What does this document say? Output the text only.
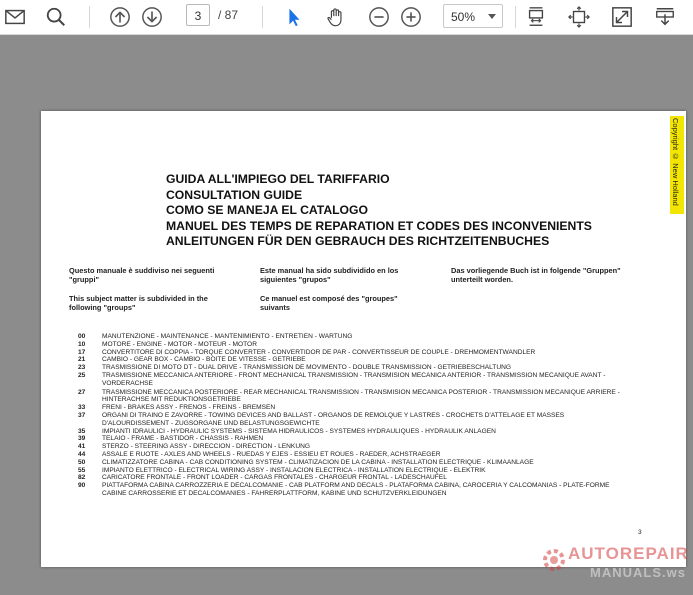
3	/ 87	50%
Copyright © New Holland
GUIDA ALL'IMPIEGO DEL TARIFFARIO
CONSULTATION GUIDE
COMO SE MANEJA EL CATALOGO
MANUEL DES TEMPS DE REPARATION ET CODES DES INCONVENIENTS
ANLEITUNGEN FÜR DEN GEBRAUCH DES RICHTZEITENBUCHES
Questo manuale è suddiviso nei seguenti "gruppi"
This subject matter is subdivided in the following "groups"
Este manual ha sido subdividido en los siguientes "grupos"
Ce manuel est composé des "groupes" suivants
Das vorliegende Buch ist in folgende "Gruppen" unterteilt worden.
00	MANUTENZIONE - MAINTENANCE - MANTENIMIENTO - ENTRETIEN - WARTUNG
10	MOTORE - ENGINE - MOTOR - MOTEUR - MOTOR
17	CONVERTITORE DI COPPIA - TORQUE CONVERTER - CONVERTIDOR DE PAR - CONVERTISSEUR DE COUPLE - DREHMOMENTWANDLER
21	CAMBIO - GEAR BOX - CAMBIO - BOITE DE VITESSE - GETRIEBE
23	TRASMISSIONE DI MOTO DT - DUAL DRIVE - TRANSMISSION DE MOVIMENTO - DOUBLE TRANSMISSION - GETRIEBESCHALTUNG
25	TRASMISSIONE MECCANICA ANTERIORE - FRONT MECHANICAL TRANSMISSION - TRANSMISION MECANICA ANTERIOR - TRANSMISSION MECANIQUE AVANT - VORDERACHSE
27	TRASMISSIONE MECCANICA POSTERIORE - REAR MECHANICAL TRANSMISSION - TRANSMISION MECANICA POSTERIOR - TRANSMISSION MECANIQUE ARRIERE - HINTERACHSE MIT REDUKTIONSGETRIEBE
33	FRENI - BRAKES ASSY - FRENOS - FREINS - BREMSEN
37	ORGANI DI TRAINO E ZAVORRE - TOWING DEVICES AND BALLAST - ORGANOS DE REMOLQUE Y LASTRES - CROCHETS D'ATTELAGE ET MASSES D'ALOURDISSEMENT - ZUGSORGANE UND BELASTUNGSGEWICHTE
35	IMPIANTI IDRAULICI - HYDRAULIC SYSTEMS - SISTEMA HIDRAULICOS - SYSTEMES HYDRAULIQUES - HYDRAULIK ANLAGEN
39	TELAIO - FRAME - BASTIDOR - CHASSIS - RAHMEN
41	STERZO - STEERING ASSY - DIRECCION - DIRECTION - LENKUNG
44	ASSALE E RUOTE - AXLES AND WHEELS - RUEDAS Y EJES - ESSIEU ET ROUES - RAEDER, ACHSTRAEGER
50	CLIMATIZZATORE CABINA - CAB CONDITIONING SYSTEM - CLIMATIZACION DE LA CABINA - INSTALLATION ELECTRIQUE - KLIMAANLAGE
55	IMPIANTO ELETTRICO - ELECTRICAL WIRING ASSY - INSTALACION ELECTRICA - INSTALLATION ELECTRIQUE - ELEKTRIK
82	CARICATORE FRONTALE - FRONT LOADER - CARGAS FRONTALES - CHARGEUR FRONTAL - LADESCHAUFEL
90	PIATTAFORMA CABINA CARROZZERIA E DECALCOMANIE - CAB PLATFORM AND DECALS - PLATAFORMA CABINA, CAROCERIA Y CALCOMANIAS - PLATE-FORME CABINE CARROSSERIE ET DECALCOMANIES - FAHRERPLATTFORM, KABINE UND SCHUTZVERKLEIDUNGEN
3
AUTOREPAIR
MANUALS.ws
